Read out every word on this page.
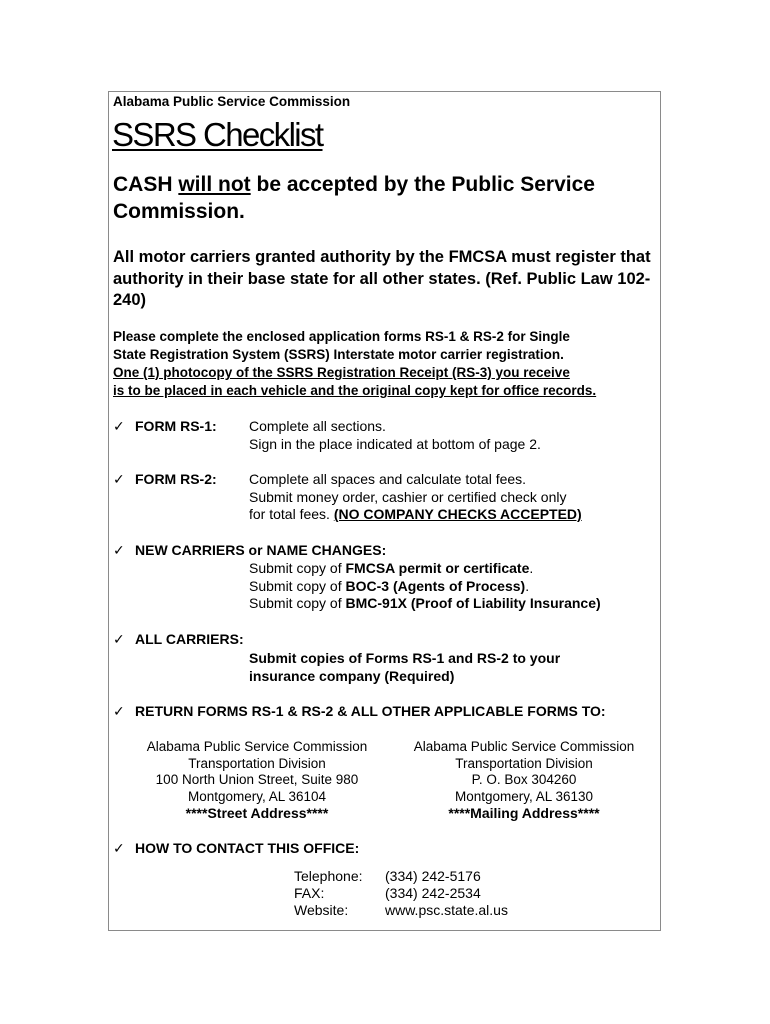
Alabama Public Service Commission
SSRS Checklist
CASH will not be accepted by the Public Service Commission.
All motor carriers granted authority by the FMCSA must register that authority in their base state for all other states. (Ref. Public Law 102-240)
Please complete the enclosed application forms RS-1 & RS-2 for Single
State Registration System (SSRS) Interstate motor carrier registration.
One (1) photocopy of the SSRS Registration Receipt (RS-3) you receive
is to be placed in each vehicle and the original copy kept for office records.
✓ FORM RS-1: Complete all sections.
Sign in the place indicated at bottom of page 2.
✓ FORM RS-2: Complete all spaces and calculate total fees.
Submit money order, cashier or certified check only
for total fees. (NO COMPANY CHECKS ACCEPTED)
✓ NEW CARRIERS or NAME CHANGES:
Submit copy of FMCSA permit or certificate.
Submit copy of BOC-3 (Agents of Process).
Submit copy of BMC-91X (Proof of Liability Insurance)
✓ ALL CARRIERS:
Submit copies of Forms RS-1 and RS-2 to your
insurance company (Required)
✓ RETURN FORMS RS-1 & RS-2 & ALL OTHER APPLICABLE FORMS TO:
Alabama Public Service Commission
Transportation Division
100 North Union Street, Suite 980
Montgomery, AL 36104
****Street Address****
Alabama Public Service Commission
Transportation Division
P. O. Box 304260
Montgomery, AL 36130
****Mailing Address****
✓ HOW TO CONTACT THIS OFFICE:
Telephone:	(334) 242-5176
FAX:	(334) 242-2534
Website:	www.psc.state.al.us
